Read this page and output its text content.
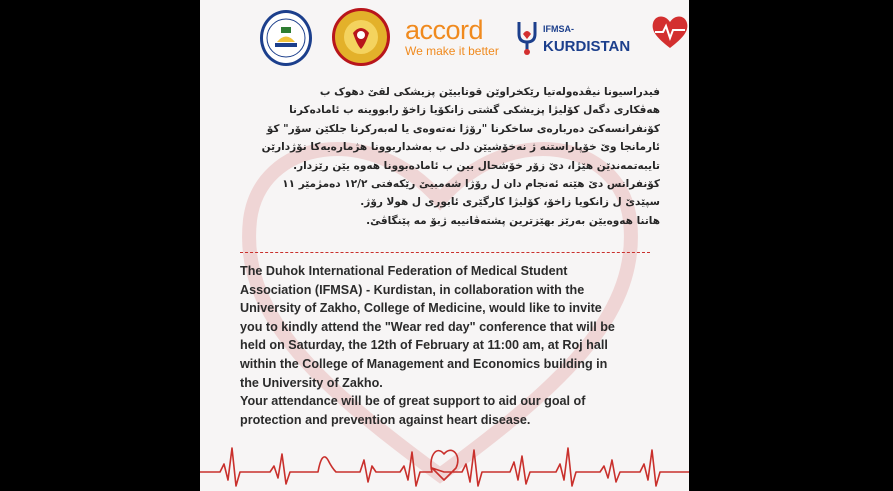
accord
We make it better
IFMSA-
KURDISTAN
فیدراسیونا نیڤدەولەتیا رێکخراوێن قوتابیێن پزیشکی لقێ دهوک ب
هەڤکاری دگەل کۆلیژا پزیشکی گشتی زانکۆیا زاخۆ رابووینە ب ئامادەکرنا
کۆنفرانسەکێ دەربارەی ساخکرنا "رۆژا نەتەوەی یا لەبەرکرنا جلکێن سۆر" کۆ
ئارمانجا وێ خۆپاراستنە ژ نەخۆشیێن دلی ب بەشداربوونا هژمارەیەکا نۆژدارێن
تایبەتمەندێن هێژا، دێ زۆر خۆشحال بین ب ئامادەبوونا هەوە یێن رێزدار.
کۆنفرانس دێ هێتە ئەنجام دان ل رۆژا شەمبیێ رێکەفتی ١٢/٢ دەمژمێر ١١
سپێدێ ل زانکویا زاخۆ، کۆلیژا کارگێری ئابوری ل هولا رۆژ.
هاتنا هەوەیێن بەرێز بهێزترین پشتەڤانییە ژبۆ مە پێنگاڤێ.
The Duhok International Federation of Medical Student
Association (IFMSA) - Kurdistan, in collaboration with the
University of Zakho, College of Medicine, would like to invite
you to kindly attend the "Wear red day" conference that will be
held on Saturday, the 12th of February at 11:00 am, at Roj hall
within the College of Management and Economics building in
the University of Zakho.
Your attendance will be of great support to aid our goal of
protection and prevention against heart disease.
